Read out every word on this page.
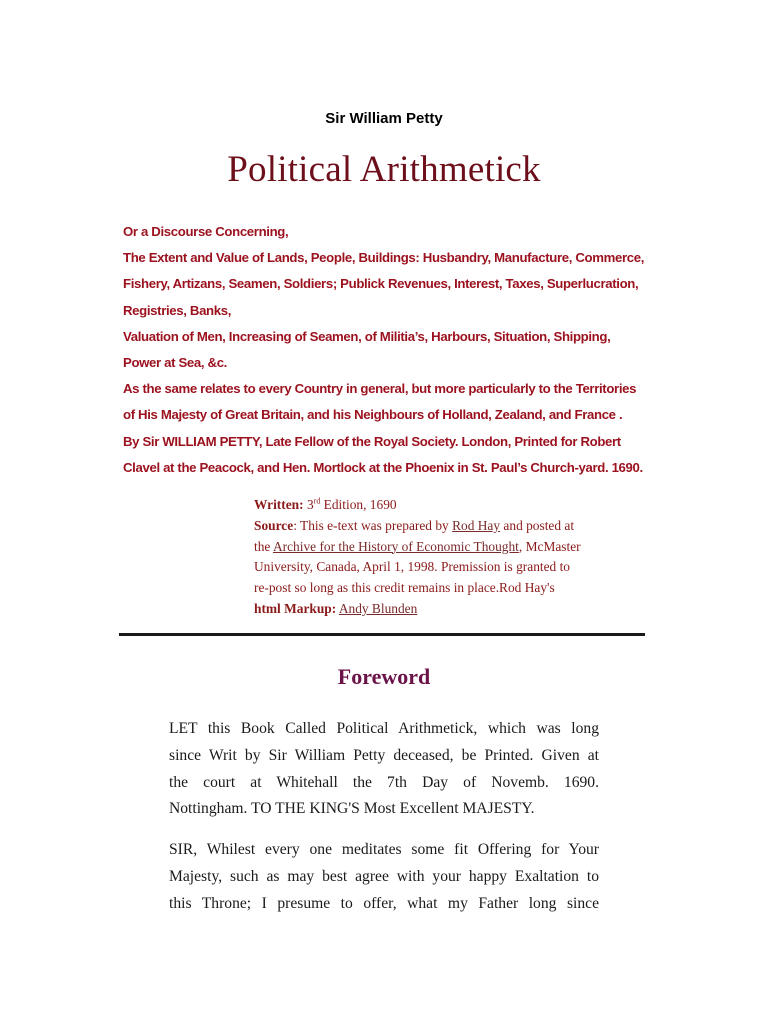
Sir William Petty
Political Arithmetick
Or a Discourse Concerning,
The Extent and Value of Lands, People, Buildings: Husbandry, Manufacture, Commerce,
Fishery, Artizans, Seamen, Soldiers; Publick Revenues, Interest, Taxes, Superlucration,
Registries, Banks,
Valuation of Men, Increasing of Seamen, of Militia’s, Harbours, Situation, Shipping,
Power at Sea, &c.
As the same relates to every Country in general, but more particularly to the Territories
of His Majesty of Great Britain, and his Neighbours of Holland, Zealand, and France .
By Sir WILLIAM PETTY, Late Fellow of the Royal Society. London, Printed for Robert
Clavel at the Peacock, and Hen. Mortlock at the Phoenix in St. Paul’s Church-yard. 1690.
Written: 3rd Edition, 1690
Source: This e-text was prepared by Rod Hay and posted at
the Archive for the History of Economic Thought, McMaster
University, Canada, April 1, 1998. Premission is granted to
re-post so long as this credit remains in place.Rod Hay's
html Markup: Andy Blunden
Foreword
LET this Book Called Political Arithmetick, which was long
since Writ by Sir William Petty deceased, be Printed. Given at
the court at Whitehall the 7th Day of Novemb. 1690.
Nottingham. TO THE KING'S Most Excellent MAJESTY.
SIR, Whilest every one meditates some fit Offering for Your
Majesty, such as may best agree with your happy Exaltation to
this Throne; I presume to offer, what my Father long since
